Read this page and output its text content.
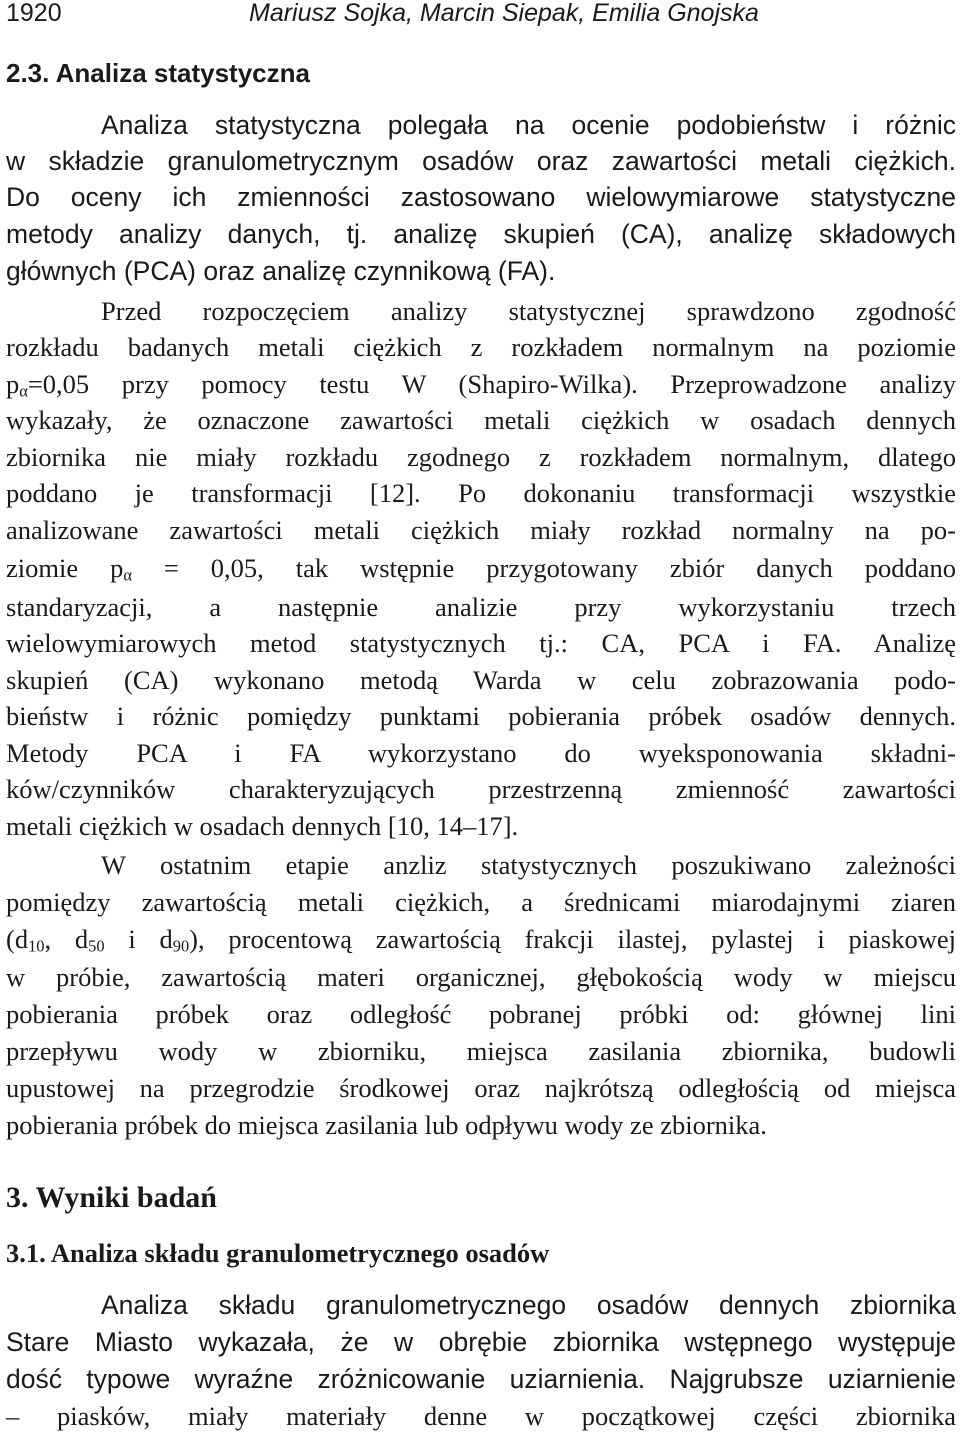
1920	Mariusz Sojka, Marcin Siepak, Emilia Gnojska
2.3. Analiza statystyczna
Analiza statystyczna polegała na ocenie podobieństw i różnic
w składzie granulometrycznym osadów oraz zawartości metali ciężkich.
Do oceny ich zmienności zastosowano wielowymiarowe statystyczne
metody analizy danych, tj. analizę skupień (CA), analizę składowych
głównych (PCA) oraz analizę czynnikową (FA).
Przed rozpoczęciem analizy statystycznej sprawdzono zgodność
rozkładu badanych metali ciężkich z rozkładem normalnym na poziomie
$p_\alpha=0,05$ przy pomocy testu W (Shapiro-Wilka). Przeprowadzone analizy
wykazały, że oznaczone zawartości metali ciężkich w osadach dennych
zbiornika nie miały rozkładu zgodnego z rozkładem normalnym, dlatego
poddano je transformacji [12]. Po dokonaniu transformacji wszystkie
analizowane zawartości metali ciężkich miały rozkład normalny na po-
ziomie $p_\alpha = 0,05$, tak wstępnie przygotowany zbiór danych poddano
standaryzacji, a następnie analizie przy wykorzystaniu trzech
wielowymiarowych metod statystycznych tj.: CA, PCA i FA. Analizę
skupień (CA) wykonano metodą Warda w celu zobrazowania podo-
bieństw i różnic pomiędzy punktami pobierania próbek osadów dennych.
Metody PCA i FA wykorzystano do wyeksponowania składni-
ków/czynników charakteryzujących przestrzenną zmienność zawartości
metali ciężkich w osadach dennych [10, 14–17].
W ostatnim etapie anzliz statystycznych poszukiwano zależności
pomiędzy zawartością metali ciężkich, a średnicami miarodajnymi ziaren
($d_{10}$, $d_{50}$ i $d_{90}$), procentową zawartością frakcji ilastej, pylastej i piaskowej
w próbie, zawartością materi organicznej, głębokością wody w miejscu
pobierania próbek oraz odległość pobranej próbki od: głównej lini
przepływu wody w zbiorniku, miejsca zasilania zbiornika, budowli
upustowej na przegrodzie środkowej oraz najkrótszą odległością od miejsca
pobierania próbek do miejsca zasilania lub odpływu wody ze zbiornika.
3. Wyniki badań
3.1. Analiza składu granulometrycznego osadów
Analiza składu granulometrycznego osadów dennych zbiornika
Stare Miasto wykazała, że w obrębie zbiornika wstępnego występuje
dość typowe wyraźne zróżnicowanie uziarnienia. Najgrubsze uziarnienie
– piasków, miały materiały denne w początkowej części zbiornika
